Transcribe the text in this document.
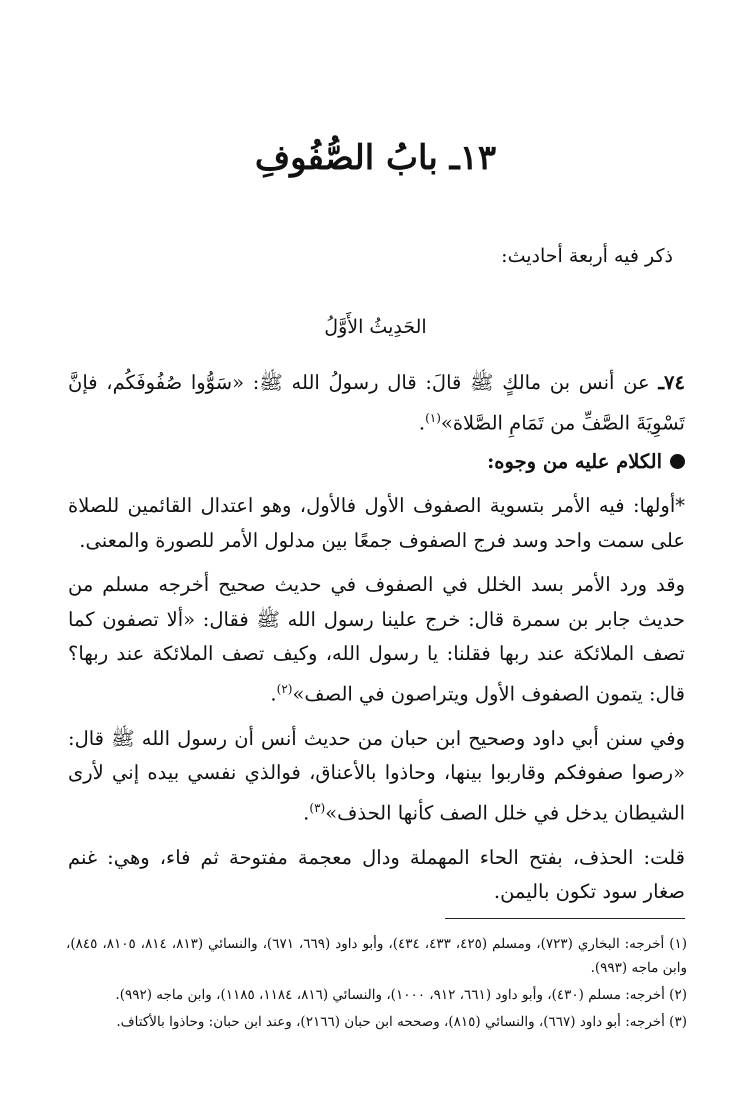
١٣ـ بابُ الصُّفُوفِ
ذكر فيه أربعة أحاديث:
الحَدِيثُ الأَوَّلُ

٧٤ـ عن أنس بن مالكٍ ﷺ قالَ: قال رسولُ الله ﷺ: «سَوُّوا صُفُوفَكُم، فإنَّ تَسْوِيَةَ الصَّفِّ من تَمَامِ الصَّلاة»$^{(١)}$.

الكلام عليه من وجوه:

*أولها: فيه الأمر بتسوية الصفوف الأول فالأول، وهو اعتدال القائمين للصلاة على سمت واحد وسد فرج الصفوف جمعًا بين مدلول الأمر للصورة والمعنى.

وقد ورد الأمر بسد الخلل في الصفوف في حديث صحيح أخرجه مسلم من حديث جابر بن سمرة قال: خرج علينا رسول الله ﷺ فقال: «ألا تصفون كما تصف الملائكة عند ربها فقلنا: يا رسول الله، وكيف تصف الملائكة عند ربها؟ قال: يتمون الصفوف الأول ويتراصون في الصف»$^{(٢)}$.

وفي سنن أبي داود وصحيح ابن حبان من حديث أنس أن رسول الله ﷺ قال: «رصوا صفوفكم وقاربوا بينها، وحاذوا بالأعناق، فوالذي نفسي بيده إني لأرى الشيطان يدخل في خلل الصف كأنها الحذف»$^{(٣)}$.

قلت: الحذف، بفتح الحاء المهملة ودال معجمة مفتوحة ثم فاء، وهي: غنم صغار سود تكون باليمن.

(١) أخرجه: البخاري (٧٢٣)، ومسلم (٤٢٥، ٤٣٣، ٤٣٤)، وأبو داود (٦٦٩، ٦٧١)، والنسائي (٨١٣، ٨١٤، ٨١٠٥، ٨٤٥)، وابن ماجه (٩٩٣).

(٢) أخرجه: مسلم (٤٣٠)، وأبو داود (٦٦١، ٩١٢، ١٠٠٠)، والنسائي (٨١٦، ١١٨٤، ١١٨٥)، وابن ماجه (٩٩٢).

(٣) أخرجه: أبو داود (٦٦٧)، والنسائي (٨١٥)، وصححه ابن حبان (٢١٦٦)، وعند ابن حبان: وحاذوا بالأكتاف.
